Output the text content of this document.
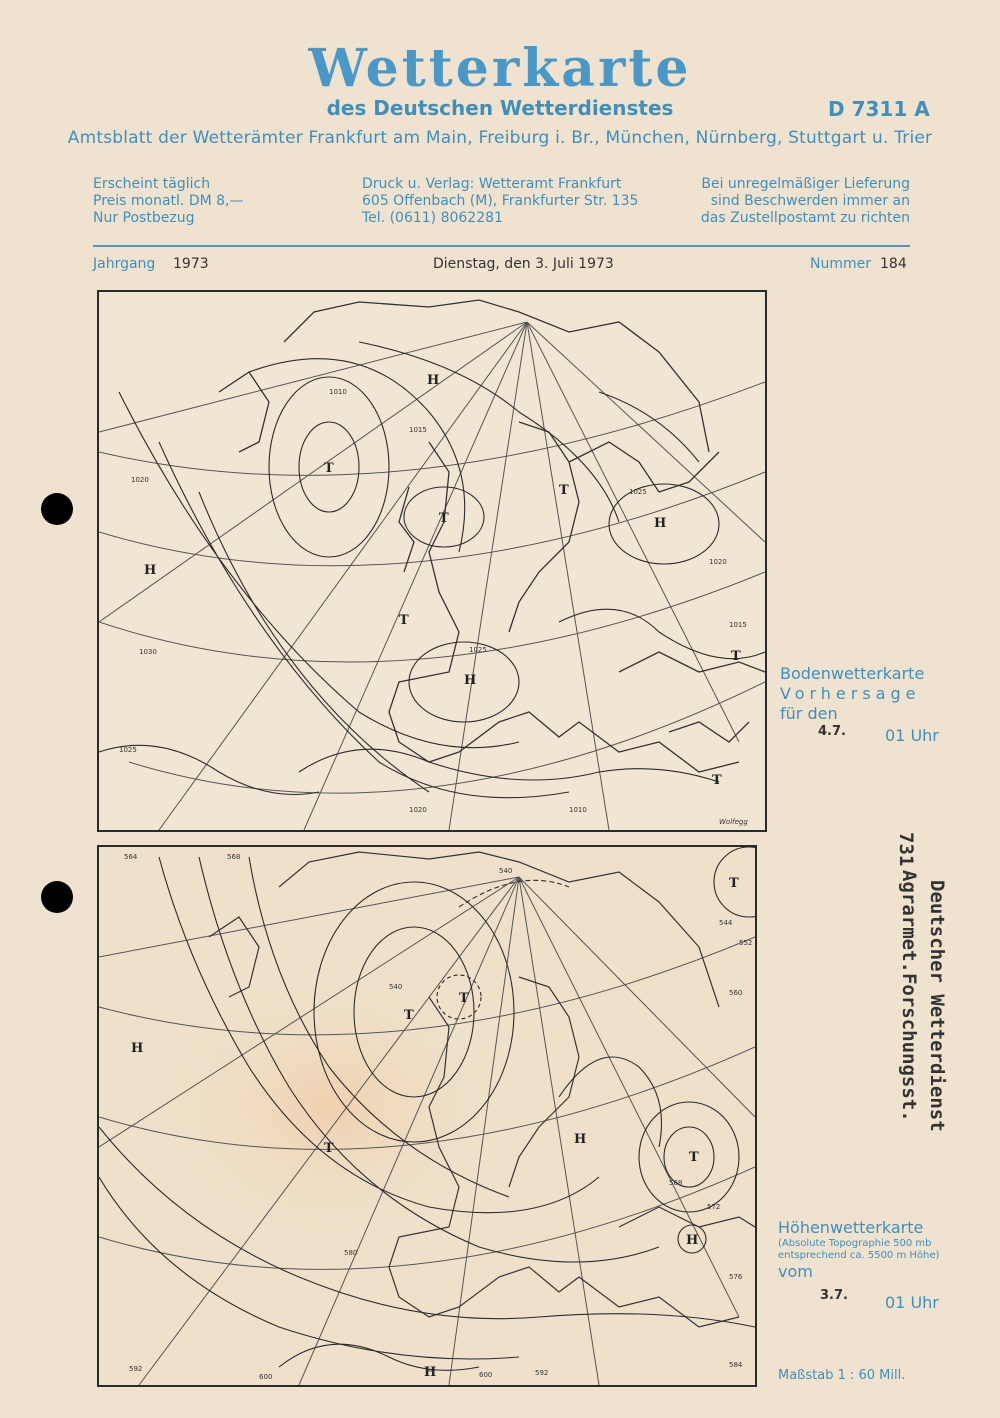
Wetterkarte
des Deutschen Wetterdienstes	D 7311 A
Amtsblatt der Wetterämter Frankfurt am Main, Freiburg i. Br., München, Nürnberg, Stuttgart u. Trier
Erscheint täglich
Preis monatl. DM 8,—
Nur Postbezug
Druck u. Verlag: Wetteramt Frankfurt
605 Offenbach (M), Frankfurter Str. 135
Tel. (0611) 8062281
Bei unregelmäßiger Lieferung
sind Beschwerden immer an
das Zustellpostamt zu richten
Jahrgang 1973	Dienstag, den 3. Juli 1973	Nummer 184
H
T
T
T
T
H
H
H
T
T
1025
1010
1015
1025
1020
1015
1025
1020	1010
1020
1030
Wolfegg
Bodenwetterkarte
Vorhersage
für den
4.7. 01 Uhr
T
T
T
H
H
T
T
H
H
564	568
540
540
544
552
560
572
576
568
580
592
600	600	592
584
Höhenwetterkarte
(Absolute Topographie 500 mb
entsprechend ca. 5500 m Höhe)
vom
3.7. 01 Uhr
Maßstab 1 : 60 Mill.
731
Deutscher Wetterdienst
Agrarmet.Forschungsst.
